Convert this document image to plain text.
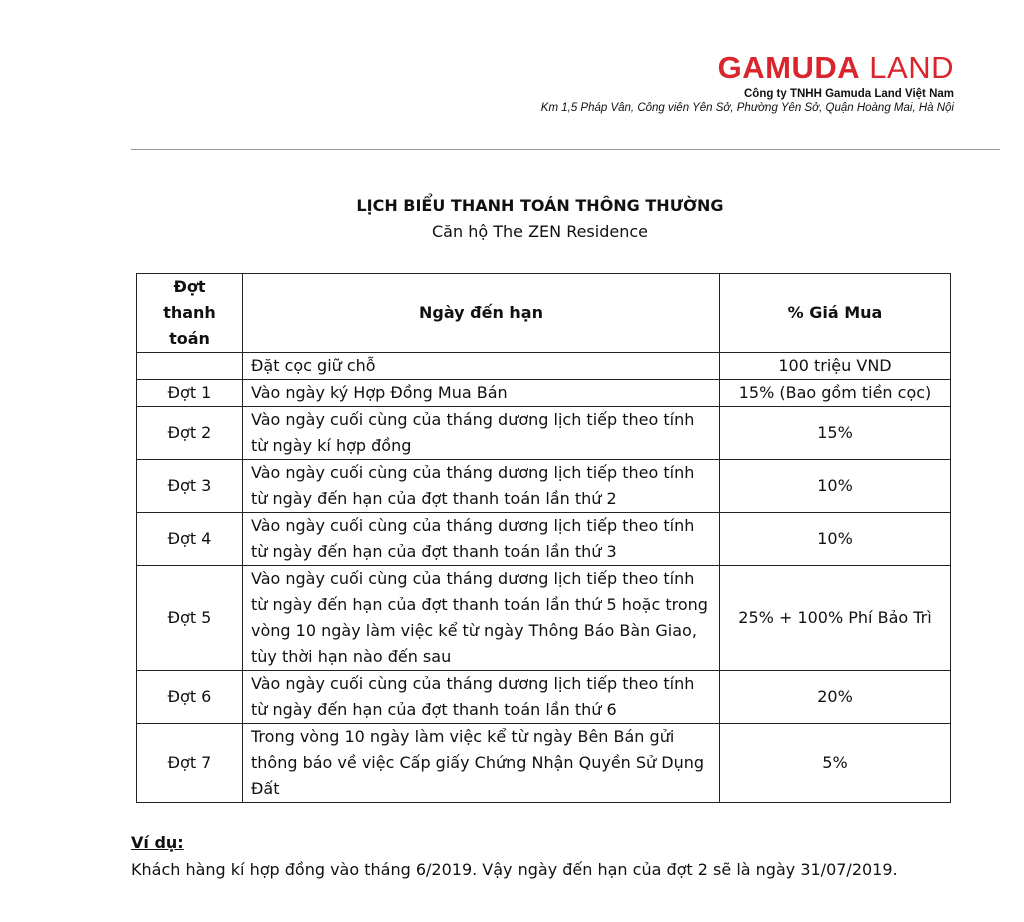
GAMUDA LAND
Công ty TNHH Gamuda Land Việt Nam
Km 1,5 Pháp Vân, Công viên Yên Sở, Phường Yên Sở, Quận Hoàng Mai, Hà Nội
LỊCH BIỂU THANH TOÁN THÔNG THƯỜNG
Căn hộ The ZEN Residence
Đợt thanh toán	Ngày đến hạn	% Giá Mua
	Đặt cọc giữ chỗ	100 triệu VND
Đợt 1	Vào ngày ký Hợp Đồng Mua Bán	15% (Bao gồm tiền cọc)
Đợt 2	Vào ngày cuối cùng của tháng dương lịch tiếp theo tính từ ngày kí hợp đồng	15%
Đợt 3	Vào ngày cuối cùng của tháng dương lịch tiếp theo tính từ ngày đến hạn của đợt thanh toán lần thứ 2	10%
Đợt 4	Vào ngày cuối cùng của tháng dương lịch tiếp theo tính từ ngày đến hạn của đợt thanh toán lần thứ 3	10%
Đợt 5	Vào ngày cuối cùng của tháng dương lịch tiếp theo tính từ ngày đến hạn của đợt thanh toán lần thứ 5 hoặc trong vòng 10 ngày làm việc kể từ ngày Thông Báo Bàn Giao, tùy thời hạn nào đến sau	25% + 100% Phí Bảo Trì
Đợt 6	Vào ngày cuối cùng của tháng dương lịch tiếp theo tính từ ngày đến hạn của đợt thanh toán lần thứ 6	20%
Đợt 7	Trong vòng 10 ngày làm việc kể từ ngày Bên Bán gửi thông báo về việc Cấp giấy Chứng Nhận Quyền Sử Dụng Đất	5%
Ví dụ:
Khách hàng kí hợp đồng vào tháng 6/2019. Vậy ngày đến hạn của đợt 2 sẽ là ngày 31/07/2019.
